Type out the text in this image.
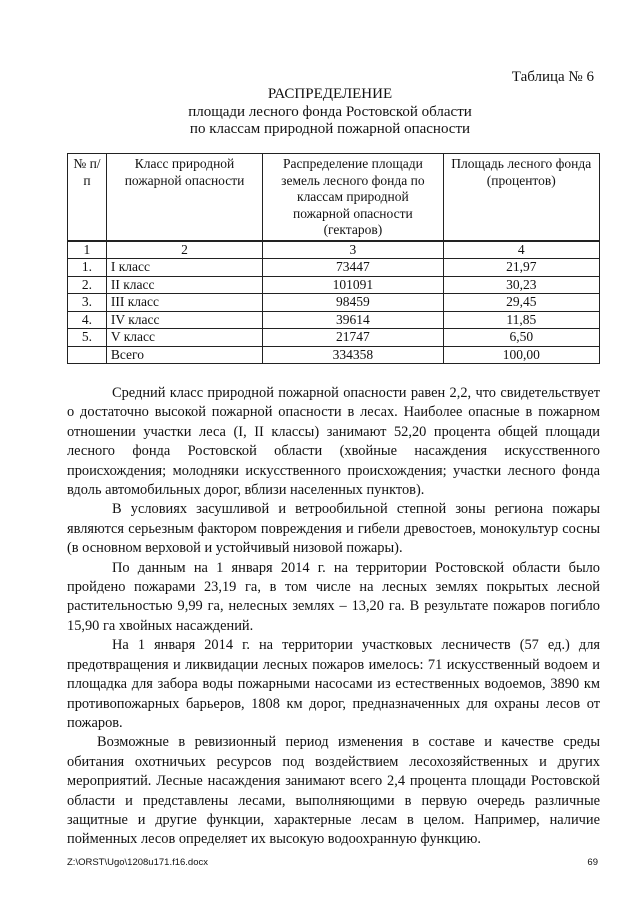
Таблица № 6
РАСПРЕДЕЛЕНИЕ
площади лесного фонда Ростовской области
по классам природной пожарной опасности
№ п/п	Класс природной пожарной опасности	Распределение площади земель лесного фонда по классам природной пожарной опасности (гектаров)	Площадь лесного фонда (процентов)
1	2	3	4
1.	I класс	73447	21,97
2.	II класс	101091	30,23
3.	III класс	98459	29,45
4.	IV класс	39614	11,85
5.	V класс	21747	6,50
	Всего	334358	100,00

Средний класс природной пожарной опасности равен 2,2, что свидетельствует о достаточно высокой пожарной опасности в лесах. Наиболее опасные в пожарном отношении участки леса (I, II классы) занимают 52,20 процента общей площади лесного фонда Ростовской области (хвойные насаждения искусственного происхождения; молодняки искусственного происхождения; участки лесного фонда вдоль автомобильных дорог, вблизи населенных пунктов).

В условиях засушливой и ветрообильной степной зоны региона пожары являются серьезным фактором повреждения и гибели древостоев, монокультур сосны (в основном верховой и устойчивый низовой пожары).

По данным на 1 января 2014 г. на территории Ростовской области было пройдено пожарами 23,19 га, в том числе на лесных землях покрытых лесной растительностью 9,99 га, нелесных землях – 13,20 га. В результате пожаров погибло 15,90 га хвойных насаждений.

На 1 января 2014 г. на территории участковых лесничеств (57 ед.) для предотвращения и ликвидации лесных пожаров имелось: 71 искусственный водоем и площадка для забора воды пожарными насосами из естественных водоемов, 3890 км противопожарных барьеров, 1808 км дорог, предназначенных для охраны лесов от пожаров.

Возможные в ревизионный период изменения в составе и качестве среды обитания охотничьих ресурсов под воздействием лесохозяйственных и других мероприятий. Лесные насаждения занимают всего 2,4 процента площади Ростовской области и представлены лесами, выполняющими в первую очередь различные защитные и другие функции, характерные лесам в целом. Например, наличие пойменных лесов определяет их высокую водоохранную функцию.

Z:\ORST\Ugo\1208u171.f16.docx	69
